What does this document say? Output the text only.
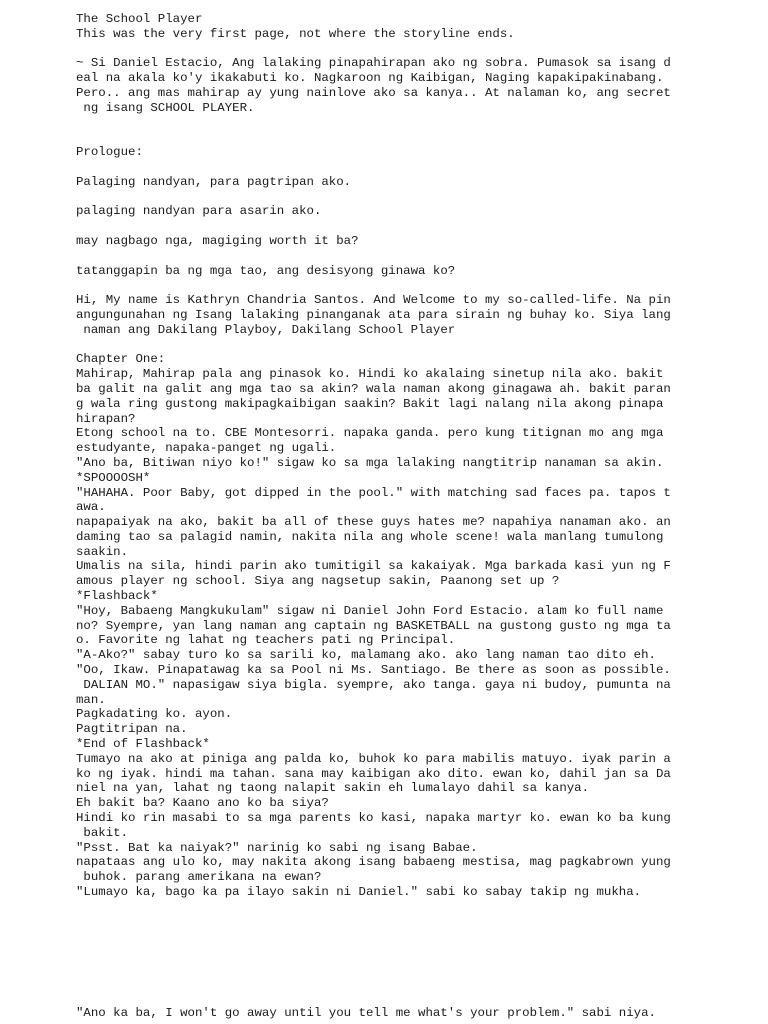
The School Player
This was the very first page, not where the storyline ends.
~ Si Daniel Estacio, Ang lalaking pinapahirapan ako ng sobra. Pumasok sa isang d
eal na akala ko'y ikakabuti ko. Nagkaroon ng Kaibigan, Naging kapakipakinabang.
Pero.. ang mas mahirap ay yung nainlove ako sa kanya.. At nalaman ko, ang secret
ng isang SCHOOL PLAYER.
Prologue:
Palaging nandyan, para pagtripan ako.
palaging nandyan para asarin ako.
may nagbago nga, magiging worth it ba?
tatanggapin ba ng mga tao, ang desisyong ginawa ko?
Hi, My name is Kathryn Chandria Santos. And Welcome to my so-called-life. Na pin
angungunahan ng Isang lalaking pinanganak ata para sirain ng buhay ko. Siya lang
naman ang Dakilang Playboy, Dakilang School Player
Chapter One:
Mahirap, Mahirap pala ang pinasok ko. Hindi ko akalaing sinetup nila ako. bakit
ba galit na galit ang mga tao sa akin? wala naman akong ginagawa ah. bakit paran
g wala ring gustong makipagkaibigan saakin? Bakit lagi nalang nila akong pinapa
hirapan?
Etong school na to. CBE Montesorri. napaka ganda. pero kung titignan mo ang mga
estudyante, napaka-panget ng ugali.
"Ano ba, Bitiwan niyo ko!" sigaw ko sa mga lalaking nangtitrip nanaman sa akin.
*SPOOOOSH*
"HAHAHA. Poor Baby, got dipped in the pool." with matching sad faces pa. tapos t
awa.
napapaiyak na ako, bakit ba all of these guys hates me? napahiya nanaman ako. an
daming tao sa palagid namin, nakita nila ang whole scene! wala manlang tumulong
saakin.
Umalis na sila, hindi parin ako tumitigil sa kakaiyak. Mga barkada kasi yun ng F
amous player ng school. Siya ang nagsetup sakin, Paanong set up ?
*Flashback*
"Hoy, Babaeng Mangkukulam" sigaw ni Daniel John Ford Estacio. alam ko full name
no? Syempre, yan lang naman ang captain ng BASKETBALL na gustong gusto ng mga ta
o. Favorite ng lahat ng teachers pati ng Principal.
"A-Ako?" sabay turo ko sa sarili ko, malamang ako. ako lang naman tao dito eh.
"Oo, Ikaw. Pinapatawag ka sa Pool ni Ms. Santiago. Be there as soon as possible.
DALIAN MO." napasigaw siya bigla. syempre, ako tanga. gaya ni budoy, pumunta na
man.
Pagkadating ko. ayon.
Pagtitripan na.
*End of Flashback*
Tumayo na ako at piniga ang palda ko, buhok ko para mabilis matuyo. iyak parin a
ko ng iyak. hindi ma tahan. sana may kaibigan ako dito. ewan ko, dahil jan sa Da
niel na yan, lahat ng taong nalapit sakin eh lumalayo dahil sa kanya.
Eh bakit ba? Kaano ano ko ba siya?
Hindi ko rin masabi to sa mga parents ko kasi, napaka martyr ko. ewan ko ba kung
bakit.
"Psst. Bat ka naiyak?" narinig ko sabi ng isang Babae.
napataas ang ulo ko, may nakita akong isang babaeng mestisa, mag pagkabrown yung
buhok. parang amerikana na ewan?
"Lumayo ka, bago ka pa ilayo sakin ni Daniel." sabi ko sabay takip ng mukha.
"Ano ka ba, I won't go away until you tell me what's your problem." sabi niya.
